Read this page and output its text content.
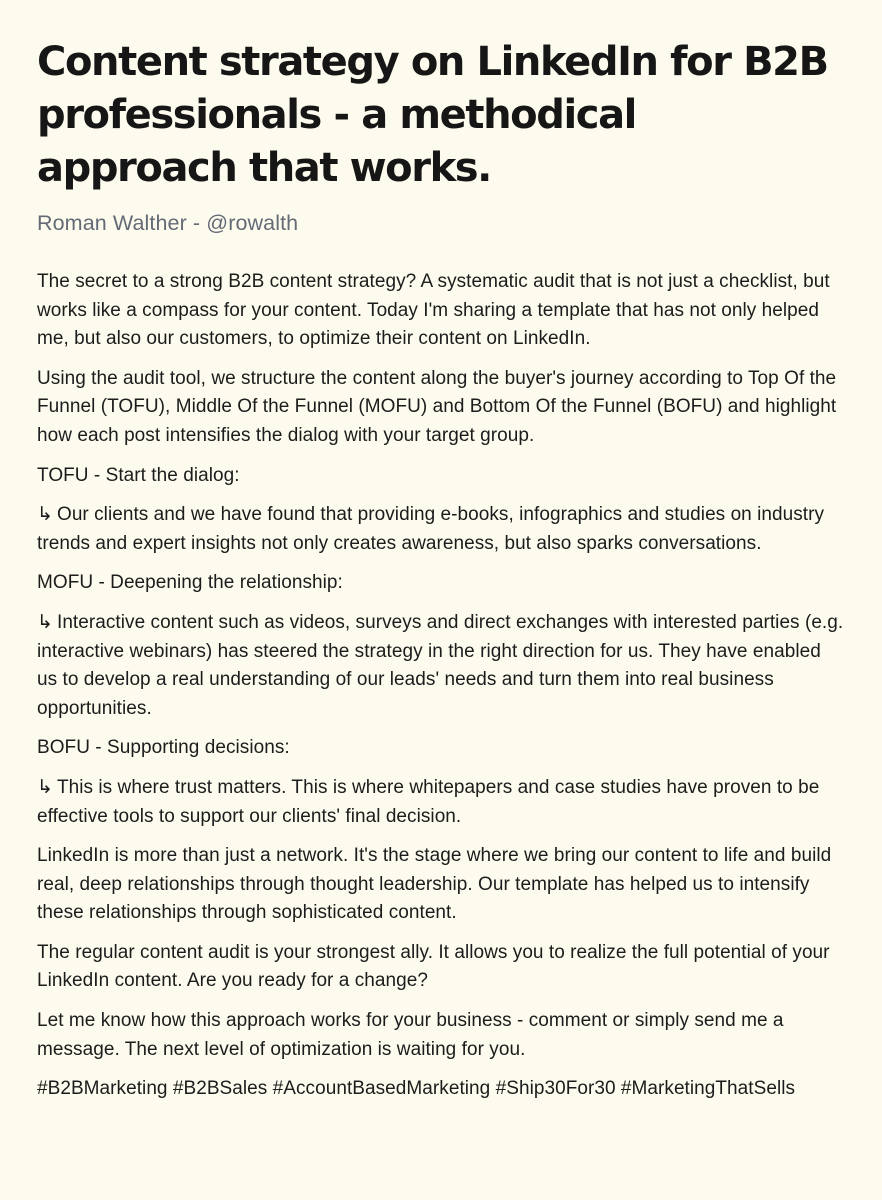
Content strategy on LinkedIn for B2B professionals - a methodical approach that works.
Roman Walther - @rowalth

The secret to a strong B2B content strategy? A systematic audit that is not just a checklist, but works like a compass for your content. Today I'm sharing a template that has not only helped me, but also our customers, to optimize their content on LinkedIn.

Using the audit tool, we structure the content along the buyer's journey according to Top Of the Funnel (TOFU), Middle Of the Funnel (MOFU) and Bottom Of the Funnel (BOFU) and highlight how each post intensifies the dialog with your target group.

TOFU - Start the dialog:

↳ Our clients and we have found that providing e-books, infographics and studies on industry trends and expert insights not only creates awareness, but also sparks conversations.

MOFU - Deepening the relationship:

↳ Interactive content such as videos, surveys and direct exchanges with interested parties (e.g. interactive webinars) has steered the strategy in the right direction for us. They have enabled us to develop a real understanding of our leads' needs and turn them into real business opportunities.

BOFU - Supporting decisions:

↳ This is where trust matters. This is where whitepapers and case studies have proven to be effective tools to support our clients' final decision.

LinkedIn is more than just a network. It's the stage where we bring our content to life and build real, deep relationships through thought leadership. Our template has helped us to intensify these relationships through sophisticated content.

The regular content audit is your strongest ally. It allows you to realize the full potential of your LinkedIn content. Are you ready for a change?

Let me know how this approach works for your business - comment or simply send me a message. The next level of optimization is waiting for you.

#B2BMarketing #B2BSales #AccountBasedMarketing #Ship30For30 #MarketingThatSells
